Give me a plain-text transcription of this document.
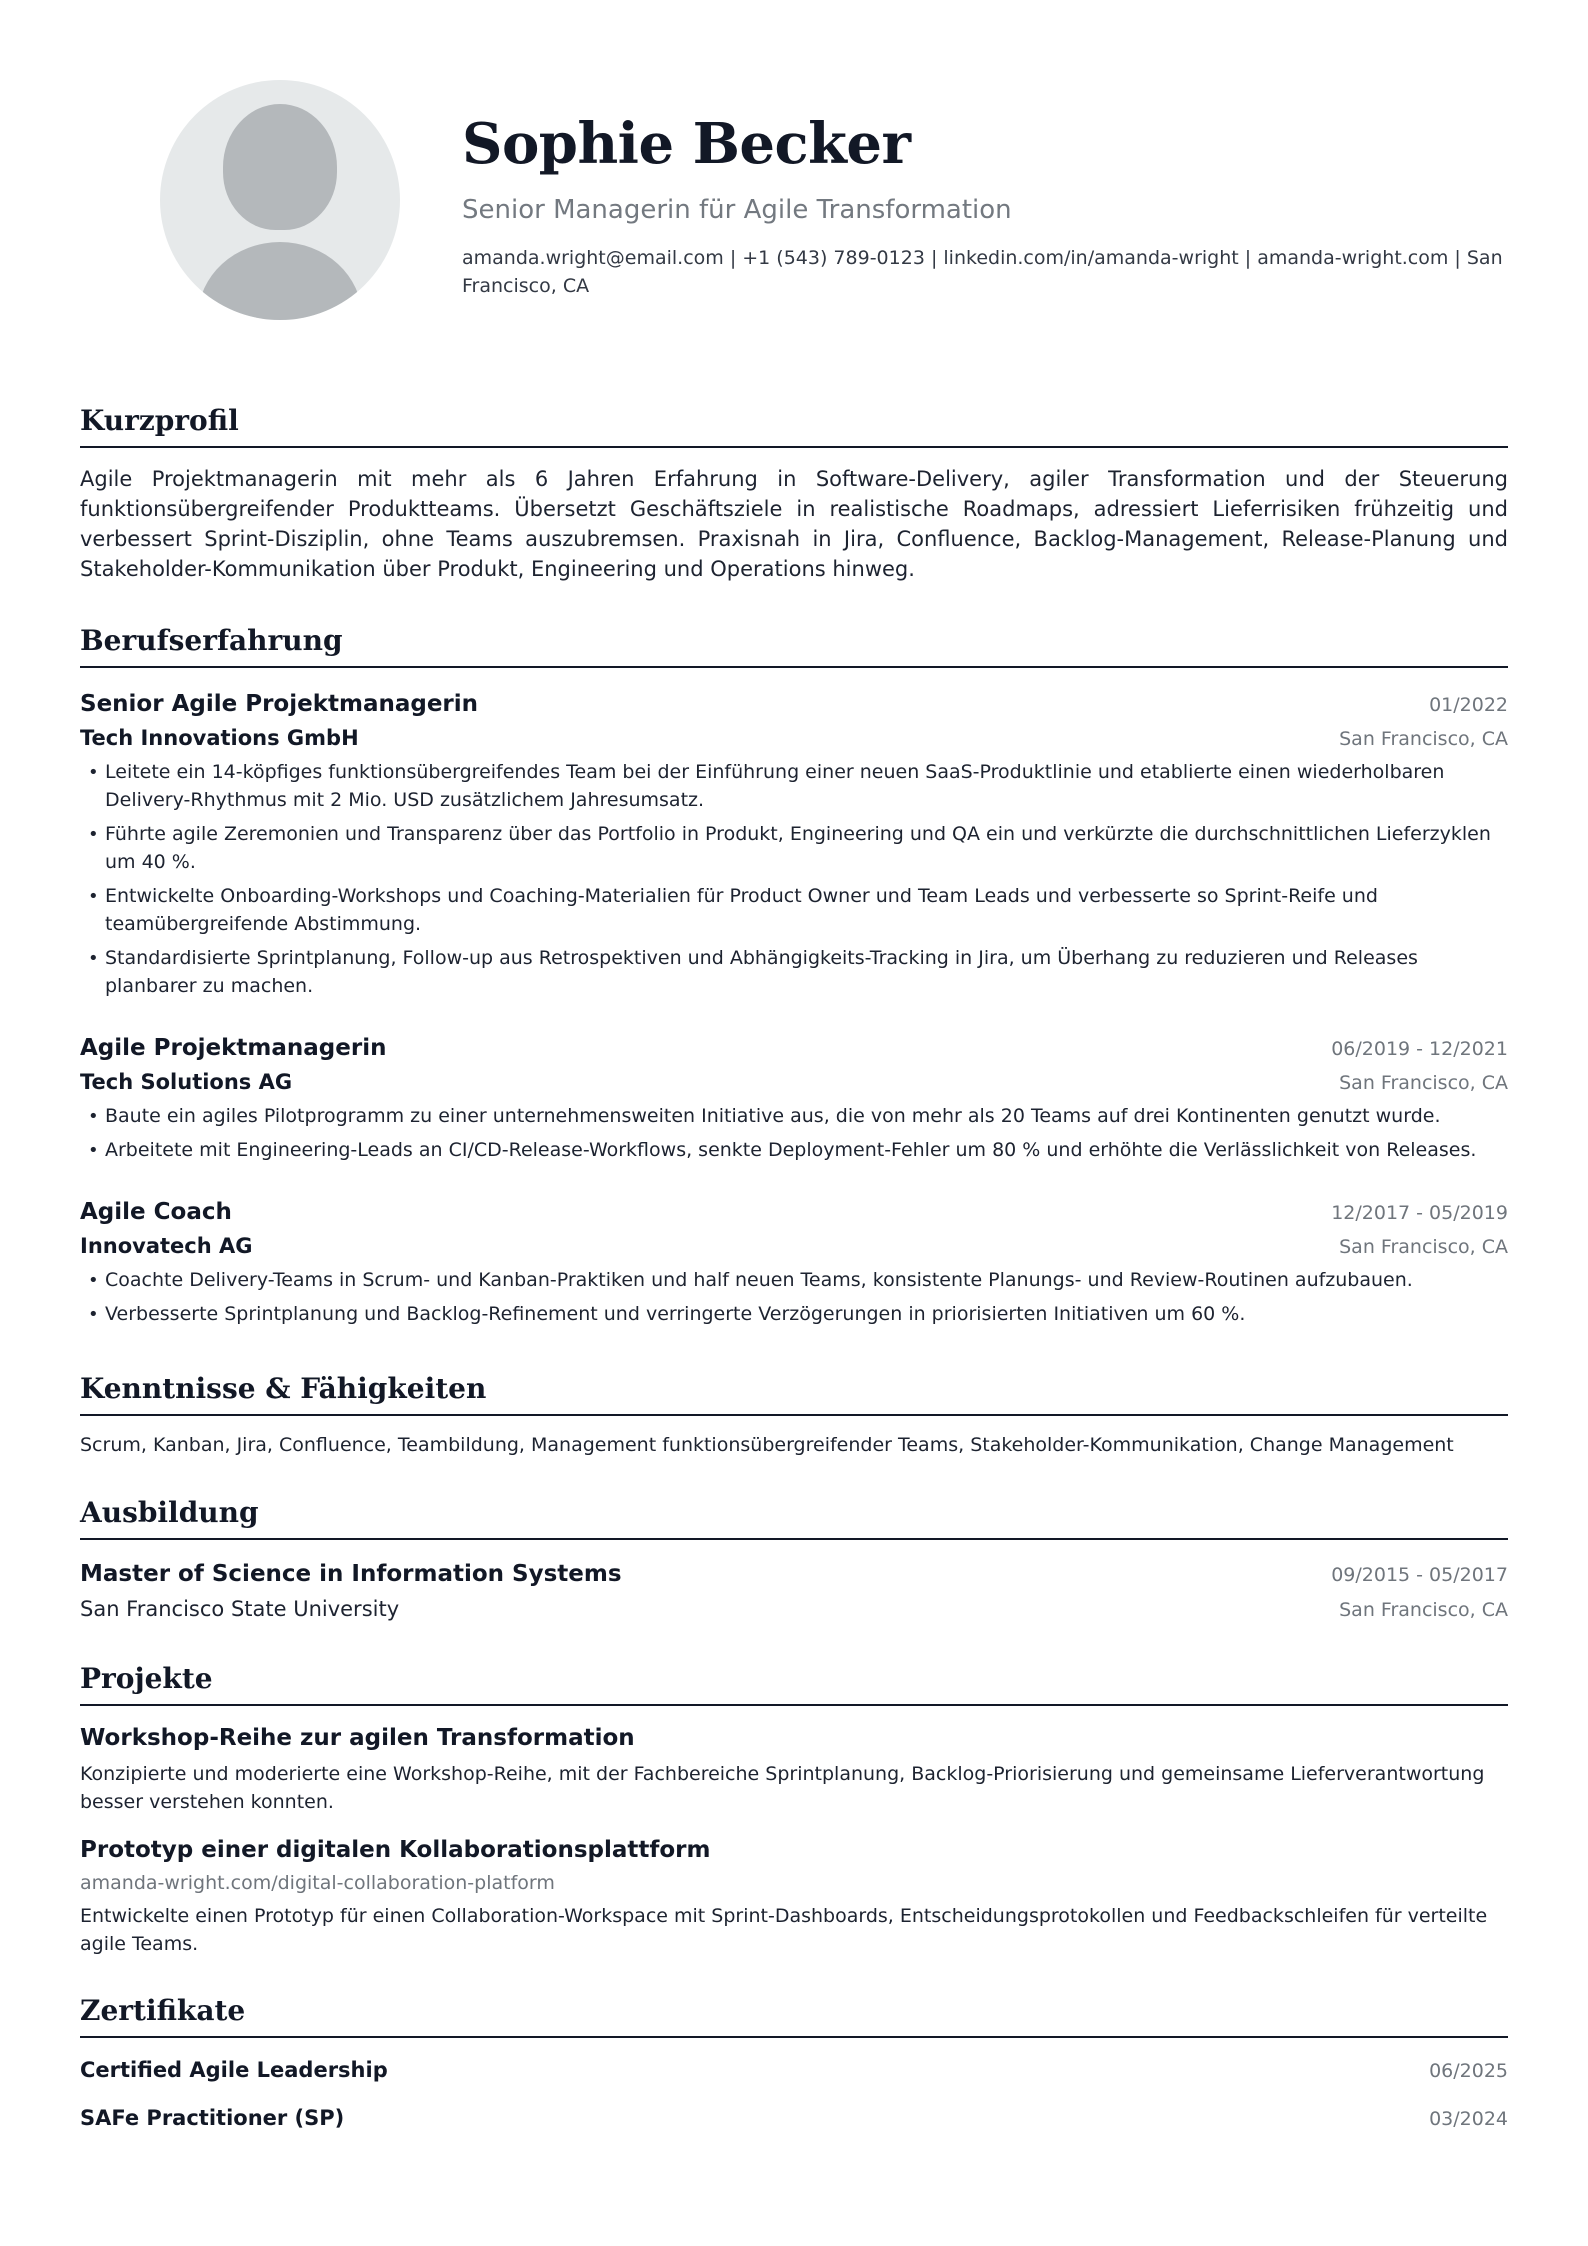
Sophie Becker
Senior Managerin für Agile Transformation
amanda.wright@email.com | +1 (543) 789-0123 | linkedin.com/in/amanda-wright | amanda-wright.com | San Francisco, CA
Kurzprofil

Agile Projektmanagerin mit mehr als 6 Jahren Erfahrung in Software-Delivery, agiler Transformation und der Steuerung funktionsübergreifender Produktteams. Übersetzt Geschäftsziele in realistische Roadmaps, adressiert Lieferrisiken frühzeitig und verbessert Sprint-Disziplin, ohne Teams auszubremsen. Praxisnah in Jira, Confluence, Backlog-Management, Release-Planung und Stakeholder-Kommunikation über Produkt, Engineering und Operations hinweg.

Berufserfahrung
Senior Agile Projektmanagerin	01/2022
Tech Innovations GmbH	San Francisco, CA
• Leitete ein 14-köpfiges funktionsübergreifendes Team bei der Einführung einer neuen SaaS-Produktlinie und etablierte einen wiederholbaren Delivery-Rhythmus mit 2 Mio. USD zusätzlichem Jahresumsatz.
• Führte agile Zeremonien und Transparenz über das Portfolio in Produkt, Engineering und QA ein und verkürzte die durchschnittlichen Lieferzyklen um 40 %.
• Entwickelte Onboarding-Workshops und Coaching-Materialien für Product Owner und Team Leads und verbesserte so Sprint-Reife und teamübergreifende Abstimmung.
• Standardisierte Sprintplanung, Follow-up aus Retrospektiven und Abhängigkeits-Tracking in Jira, um Überhang zu reduzieren und Releases planbarer zu machen.
Agile Projektmanagerin	06/2019 - 12/2021
Tech Solutions AG	San Francisco, CA
• Baute ein agiles Pilotprogramm zu einer unternehmensweiten Initiative aus, die von mehr als 20 Teams auf drei Kontinenten genutzt wurde.
• Arbeitete mit Engineering-Leads an CI/CD-Release-Workflows, senkte Deployment-Fehler um 80 % und erhöhte die Verlässlichkeit von Releases.
Agile Coach	12/2017 - 05/2019
Innovatech AG	San Francisco, CA
• Coachte Delivery-Teams in Scrum- und Kanban-Praktiken und half neuen Teams, konsistente Planungs- und Review-Routinen aufzubauen.
• Verbesserte Sprintplanung und Backlog-Refinement und verringerte Verzögerungen in priorisierten Initiativen um 60 %.
Kenntnisse & Fähigkeiten

Scrum, Kanban, Jira, Confluence, Teambildung, Management funktionsübergreifender Teams, Stakeholder-Kommunikation, Change Management

Ausbildung
Master of Science in Information Systems	09/2015 - 05/2017
San Francisco State University	San Francisco, CA
Projekte
Workshop-Reihe zur agilen Transformation

Konzipierte und moderierte eine Workshop-Reihe, mit der Fachbereiche Sprintplanung, Backlog-Priorisierung und gemeinsame Lieferverantwortung besser verstehen konnten.

Prototyp einer digitalen Kollaborationsplattform
amanda-wright.com/digital-collaboration-platform

Entwickelte einen Prototyp für einen Collaboration-Workspace mit Sprint-Dashboards, Entscheidungsprotokollen und Feedbackschleifen für verteilte agile Teams.

Zertifikate
Certified Agile Leadership	06/2025
SAFe Practitioner (SP)	03/2024
